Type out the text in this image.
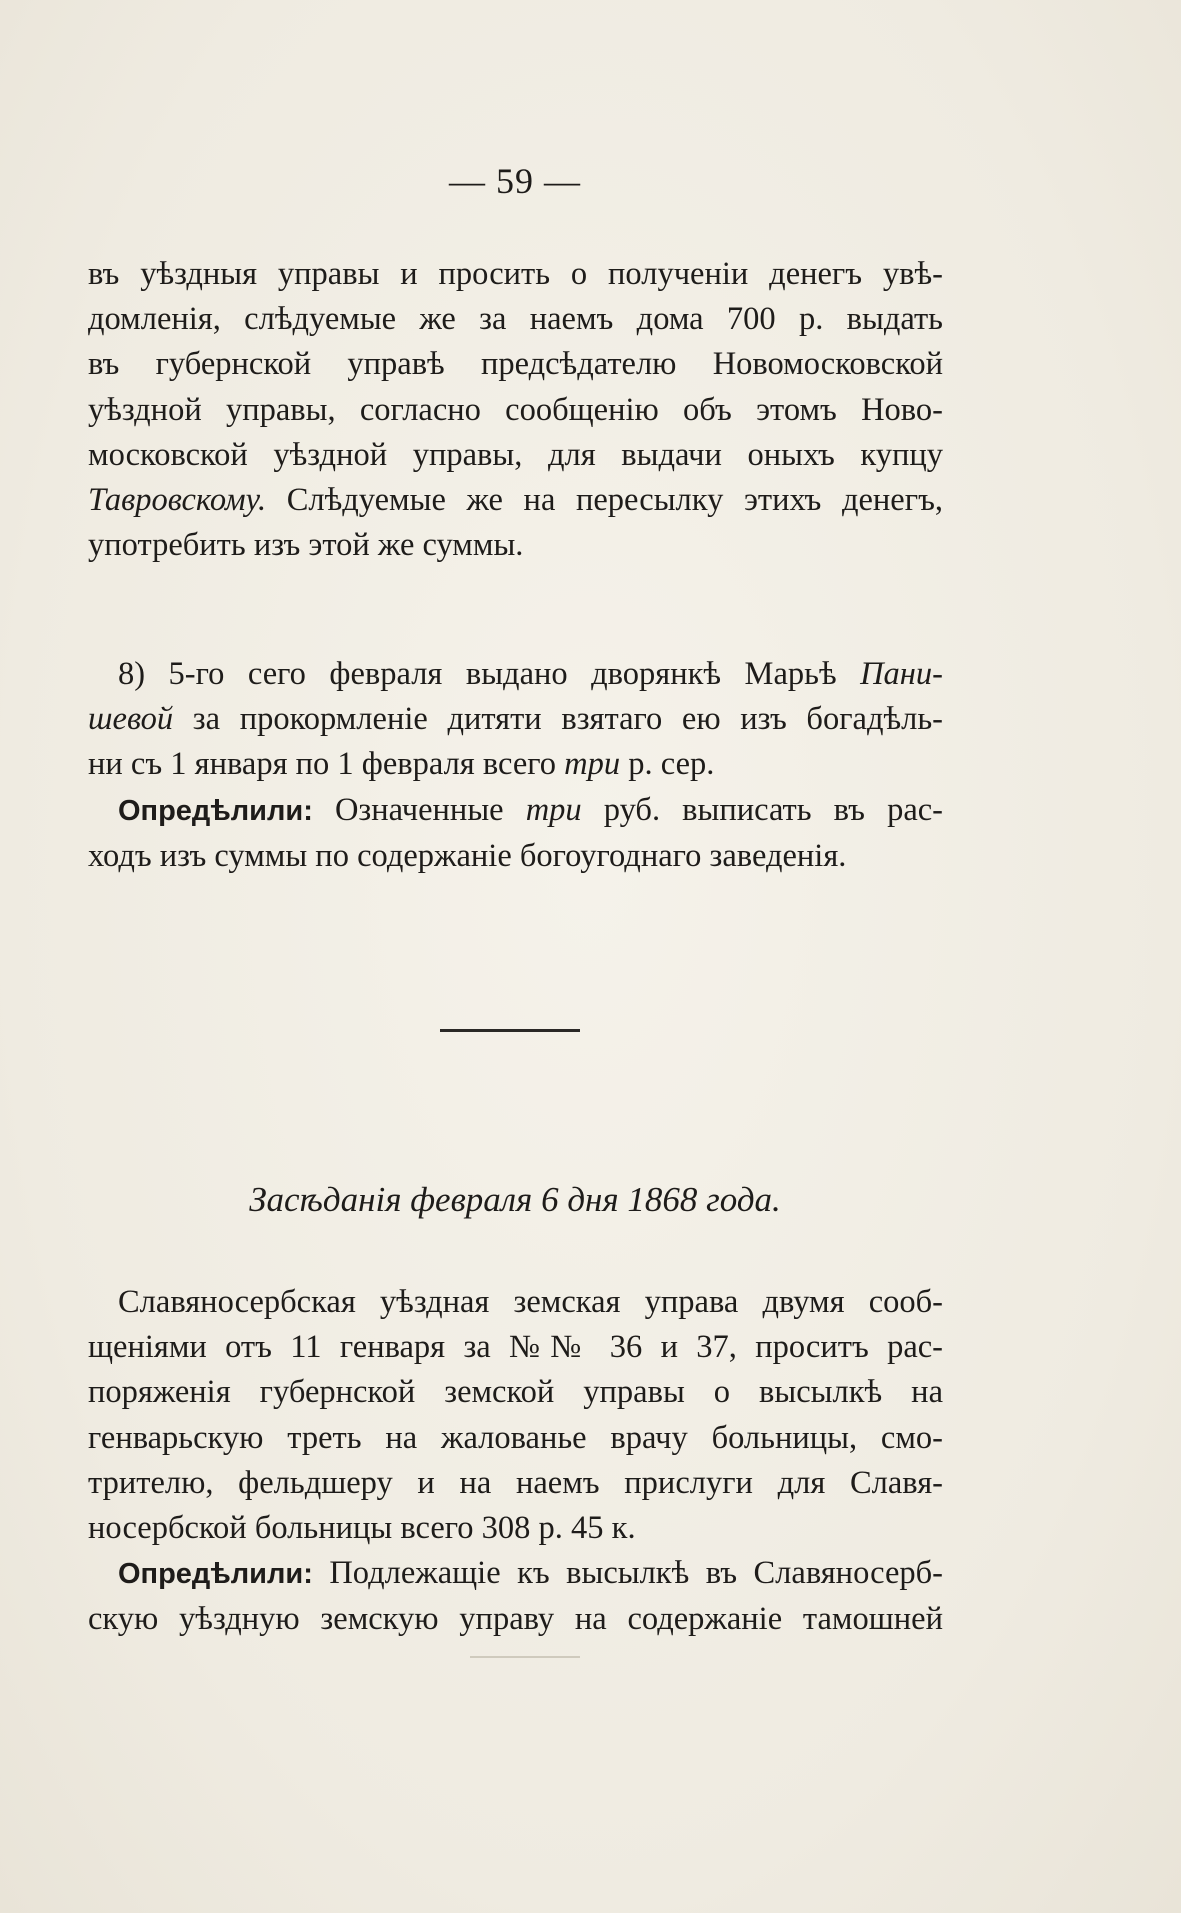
— 59 —
въ уѣздныя управы и просить о полученіи денегъ увѣ-
домленія, слѣдуемые же за наемъ дома 700 р. выдать
въ губернской управѣ предсѣдателю Новомосковской
уѣздной управы, согласно сообщенію объ этомъ Ново-
московской уѣздной управы, для выдачи оныхъ купцу
Тавровскому. Слѣдуемые же на пересылку этихъ денегъ,
употребить изъ этой же суммы.
8) 5-го сего февраля выдано дворянкѣ Марьѣ Пани-
шевой за прокормленіе дитяти взятаго ею изъ богадѣль-
ни съ 1 января по 1 февраля всего три р. сер.
Опредѣлили: Означенные три руб. выписать въ рас-
ходъ изъ суммы по содержаніе богоугоднаго заведенія.
Засѣданія февраля 6 дня 1868 года.
Славяносербская уѣздная земская управа двумя сооб-
щеніями отъ 11 генваря за №№ 36 и 37, проситъ рас-
поряженія губернской земской управы о высылкѣ на
генварьскую треть на жалованье врачу больницы, смо-
трителю, фельдшеру и на наемъ прислуги для Славя-
носербской больницы всего 308 р. 45 к.
Опредѣлили: Подлежащіе къ высылкѣ въ Славяносерб-
скую уѣздную земскую управу на содержаніе тамошней
